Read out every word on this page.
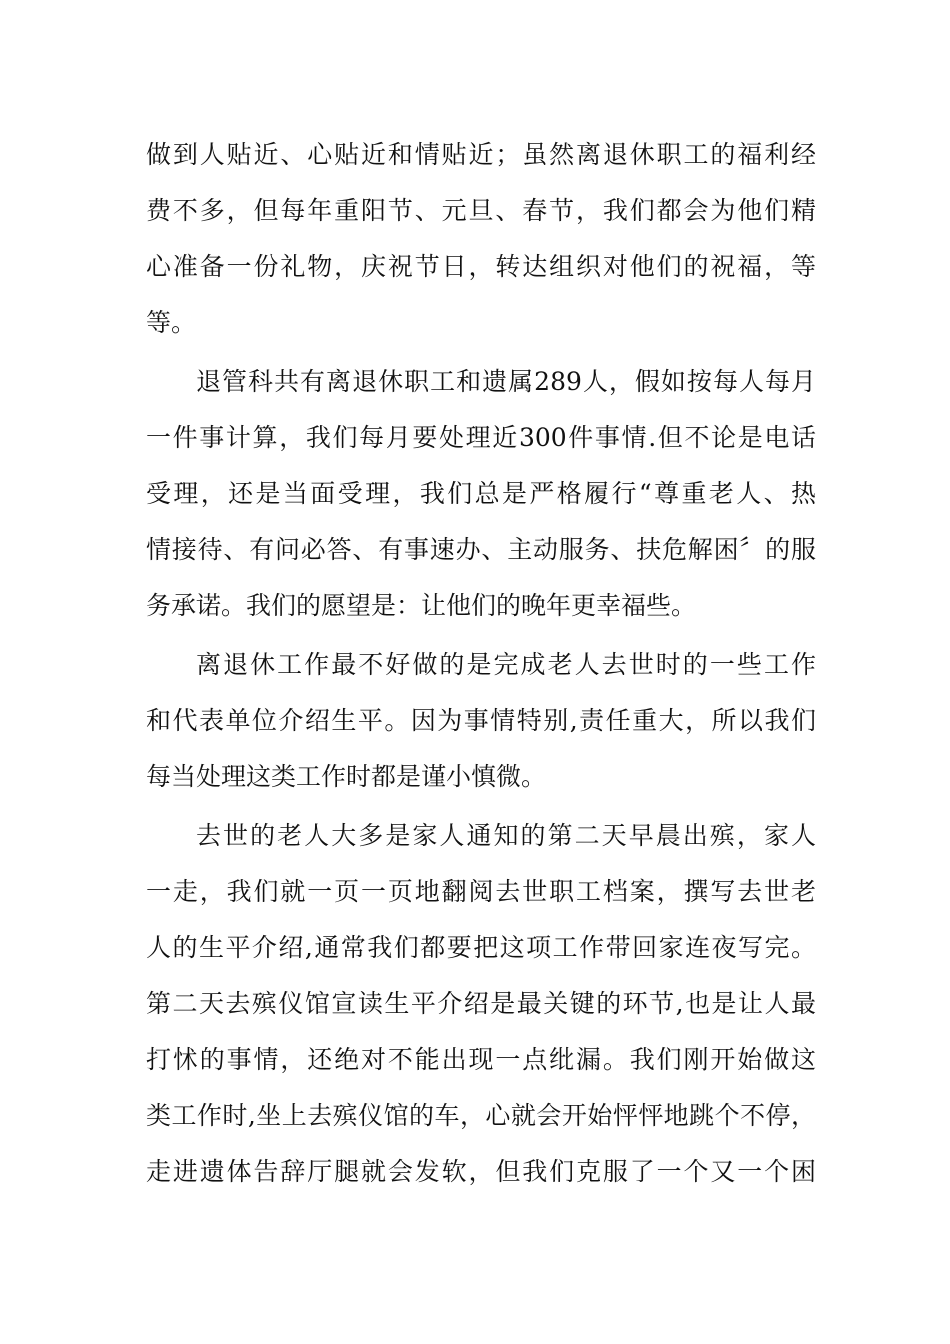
做到人贴近、心贴近和情贴近；虽然离退休职工的福利经
费不多，但每年重阳节、元旦、春节，我们都会为他们精
心准备一份礼物，庆祝节日，转达组织对他们的祝福，等
等。
退管科共有离退休职工和遗属289人，假如按每人每月
一件事计算，我们每月要处理近300件事情.但不论是电话
受理，还是当面受理，我们总是严格履行“尊重老人、热
情接待、有问必答、有事速办、主动服务、扶危解困〞的服
务承诺。我们的愿望是：让他们的晚年更幸福些。
离退休工作最不好做的是完成老人去世时的一些工作
和代表单位介绍生平。因为事情特别,责任重大，所以我们
每当处理这类工作时都是谨小慎微。
去世的老人大多是家人通知的第二天早晨出殡，家人
一走，我们就一页一页地翻阅去世职工档案，撰写去世老
人的生平介绍,通常我们都要把这项工作带回家连夜写完。
第二天去殡仪馆宣读生平介绍是最关键的环节,也是让人最
打怵的事情，还绝对不能出现一点纰漏。我们刚开始做这
类工作时,坐上去殡仪馆的车，心就会开始怦怦地跳个不停，
走进遗体告辞厅腿就会发软，但我们克服了一个又一个困
